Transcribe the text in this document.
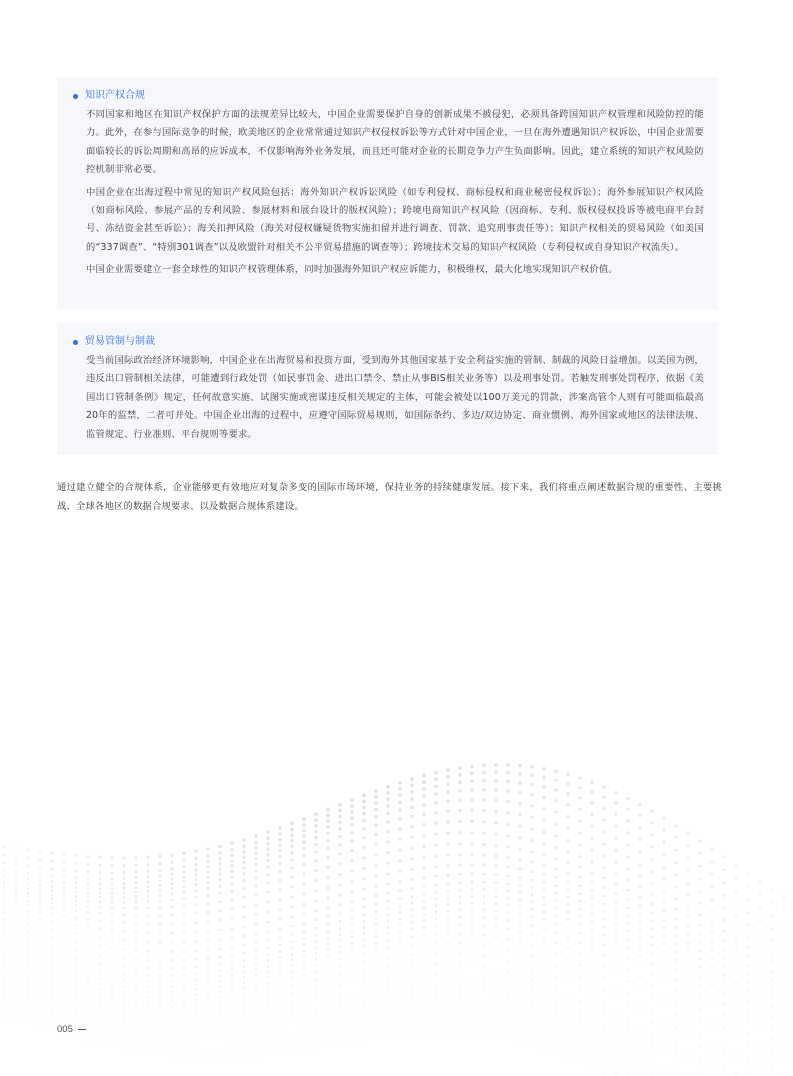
知识产权合规

不同国家和地区在知识产权保护方面的法规差异比较大，中国企业需要保护自身的创新成果不被侵犯，必须具备跨国知识产权管理和风险防控的能力。此外，在参与国际竞争的时候，欧美地区的企业常常通过知识产权侵权诉讼等方式针对中国企业，一旦在海外遭遇知识产权诉讼，中国企业需要面临较长的诉讼周期和高昂的应诉成本，不仅影响海外业务发展，而且还可能对企业的长期竞争力产生负面影响。因此，建立系统的知识产权风险防控机制非常必要。

中国企业在出海过程中常见的知识产权风险包括：海外知识产权诉讼风险（如专利侵权、商标侵权和商业秘密侵权诉讼）；海外参展知识产权风险（如商标风险、参展产品的专利风险、参展材料和展台设计的版权风险）；跨境电商知识产权风险（因商标、专利、版权侵权投诉等被电商平台封号、冻结资金甚至诉讼）；海关扣押风险（海关对侵权嫌疑货物实施扣留并进行调查、罚款、追究刑事责任等）；知识产权相关的贸易风险（如美国的“337调查”、“特别301调查”以及欧盟针对相关不公平贸易措施的调查等）；跨境技术交易的知识产权风险（专利侵权或自身知识产权流失）。

中国企业需要建立一套全球性的知识产权管理体系，同时加强海外知识产权应诉能力，积极维权，最大化地实现知识产权价值。

贸易管制与制裁

受当前国际政治经济环境影响，中国企业在出海贸易和投资方面，受到海外其他国家基于安全利益实施的管制、制裁的风险日益增加。以美国为例，违反出口管制相关法律，可能遭到行政处罚（如民事罚金、进出口禁令、禁止从事BIS相关业务等）以及刑事处罚。若触发刑事处罚程序，依据《美国出口管制条例》规定，任何故意实施、试图实施或密谋违反相关规定的主体，可能会被处以100万美元的罚款，涉案高管个人则有可能面临最高20年的监禁，二者可并处。中国企业出海的过程中，应遵守国际贸易规则，如国际条约、多边/双边协定、商业惯例、海外国家或地区的法律法规、监管规定、行业准则、平台规则等要求。

通过建立健全的合规体系，企业能够更有效地应对复杂多变的国际市场环境，保持业务的持续健康发展。接下来，我们将重点阐述数据合规的重要性、主要挑战、全球各地区的数据合规要求、以及数据合规体系建设。

005
